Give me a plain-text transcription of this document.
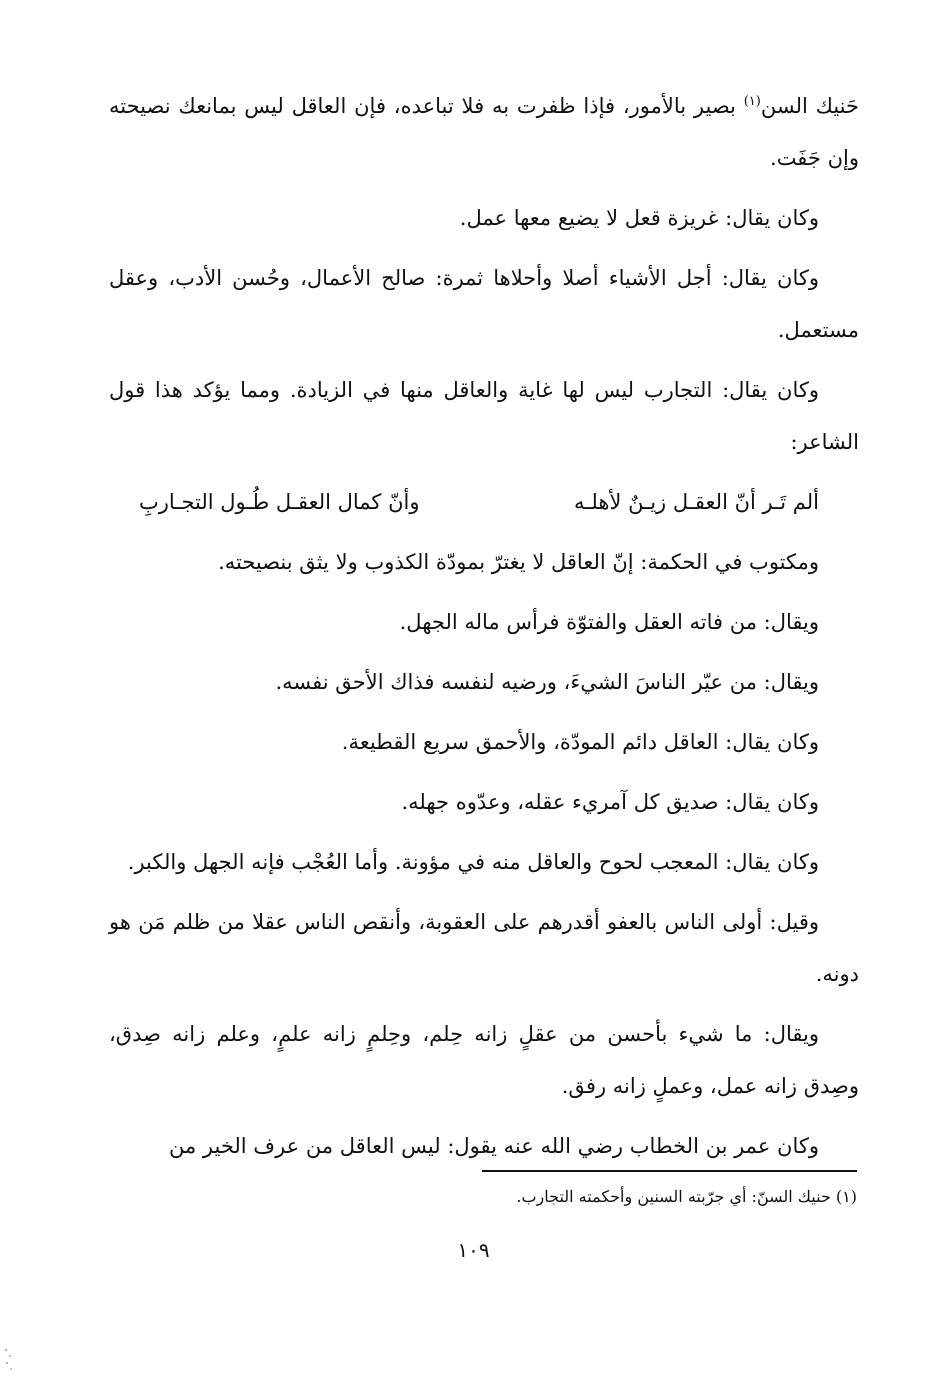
حَنيك السن$^{(١)}$ بصير بالأمور، فإذا ظفرت به فلا تباعده، فإن العاقل ليس بمانعك نصيحته وإن جَفَت.

وكان يقال: غريزة قعل لا يضيع معها عمل.

وكان يقال: أجل الأشياء أصلا وأحلاها ثمرة: صالح الأعمال، وحُسن الأدب، وعقل مستعمل.

وكان يقال: التجارب ليس لها غاية والعاقل منها في الزيادة. ومما يؤكد هذا قول الشاعر:

ألم تَـر أنّ العقـل زيـنٌ لأهلـه
وأنّ كمال العقـل طُـول التجـاربِ

ومكتوب في الحكمة: إنّ العاقل لا يغترّ بمودّة الكذوب ولا يثق بنصيحته.

ويقال: من فاته العقل والفتوّة فرأس ماله الجهل.

ويقال: من عيّر الناسَ الشيءَ، ورضيه لنفسه فذاك الأحق نفسه.

وكان يقال: العاقل دائم المودّة، والأحمق سريع القطيعة.

وكان يقال: صديق كل آمريء عقله، وعدّوه جهله.

وكان يقال: المعجب لحوح والعاقل منه في مؤونة. وأما العُجْب فإنه الجهل والكبر.

وقيل: أولى الناس بالعفو أقدرهم على العقوبة، وأنقص الناس عقلا من ظلم مَن هو دونه.

ويقال: ما شيء بأحسن من عقلٍ زانه حِلم، وحِلمٍ زانه علمٍ، وعلم زانه صِدق، وصِدق زانه عمل، وعملٍ زانه رفق.

وكان عمر بن الخطاب رضي الله عنه يقول: ليس العاقل من عرف الخير من

(١) حنيك السنّ: أي جرّبته السنين وأحكمته التجارب.

١٠٩
